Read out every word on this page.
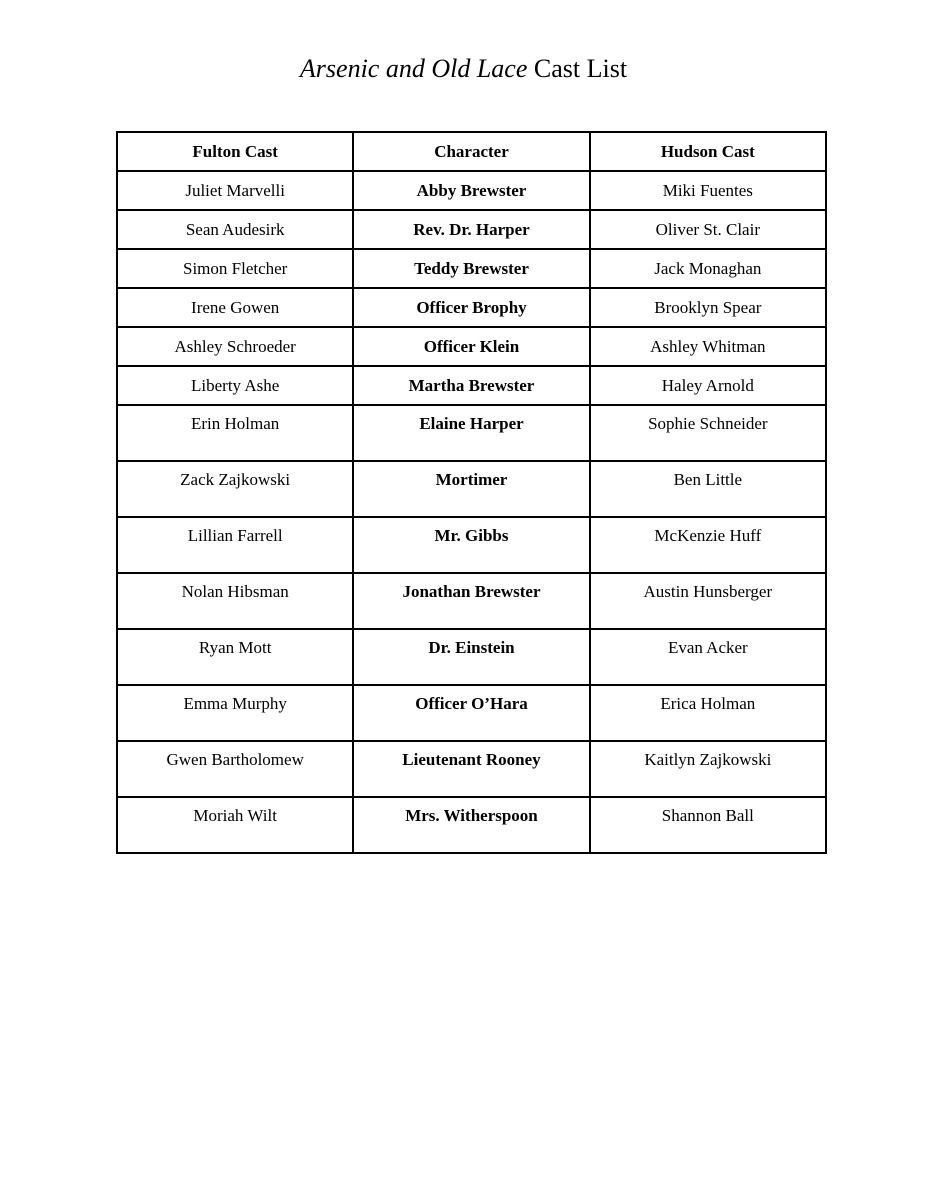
Arsenic and Old Lace Cast List
Fulton Cast	Character	Hudson Cast
Juliet Marvelli	Abby Brewster	Miki Fuentes
Sean Audesirk	Rev. Dr. Harper	Oliver St. Clair
Simon Fletcher	Teddy Brewster	Jack Monaghan
Irene Gowen	Officer Brophy	Brooklyn Spear
Ashley Schroeder	Officer Klein	Ashley Whitman
Liberty Ashe	Martha Brewster	Haley Arnold
Erin Holman	Elaine Harper	Sophie Schneider
Zack Zajkowski	Mortimer	Ben Little
Lillian Farrell	Mr. Gibbs	McKenzie Huff
Nolan Hibsman	Jonathan Brewster	Austin Hunsberger
Ryan Mott	Dr. Einstein	Evan Acker
Emma Murphy	Officer O’Hara	Erica Holman
Gwen Bartholomew	Lieutenant Rooney	Kaitlyn Zajkowski
Moriah Wilt	Mrs. Witherspoon	Shannon Ball
